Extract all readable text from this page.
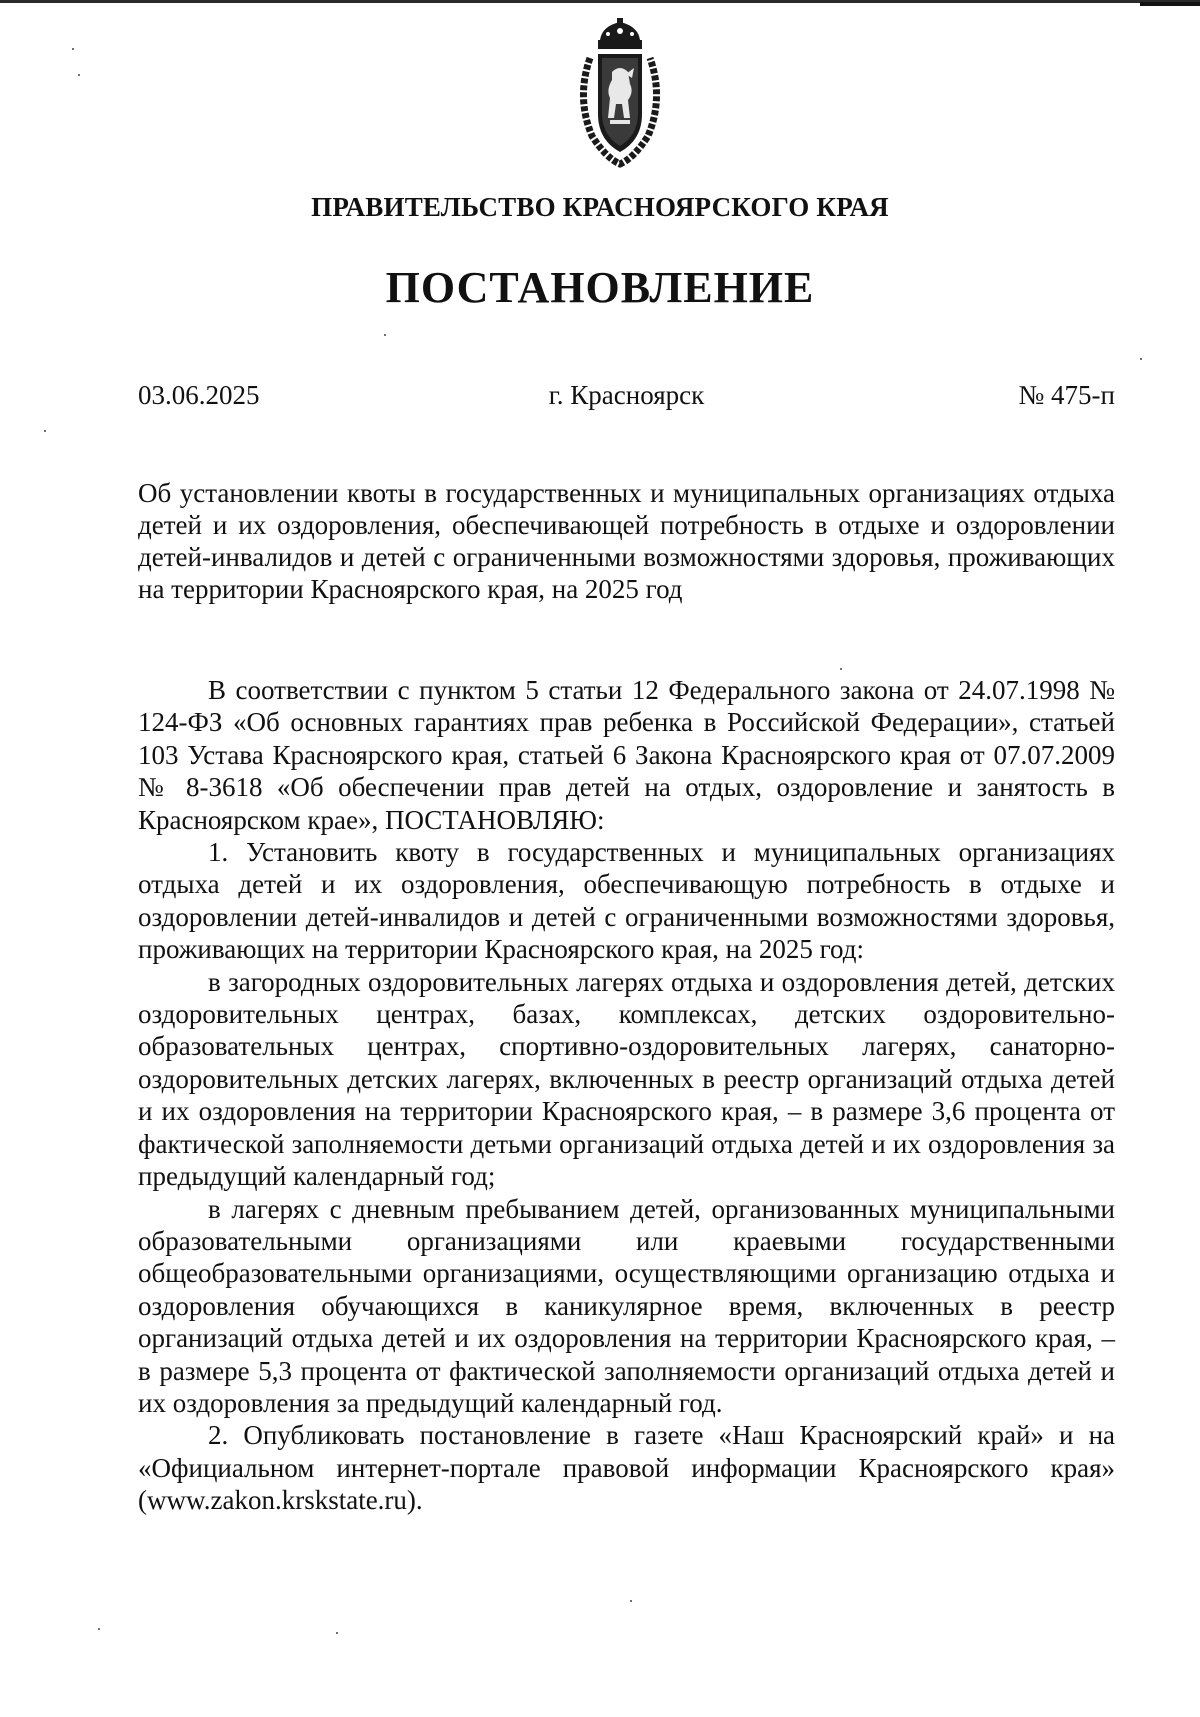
ПРАВИТЕЛЬСТВО КРАСНОЯРСКОГО КРАЯ
ПОСТАНОВЛЕНИЕ
г. Красноярск
03.06.2025	№ 475-п
Об установлении квоты в государственных и муниципальных организациях отдыха детей и их оздоровления, обеспечивающей потребность в отдыхе и оздоровлении детей-инвалидов и детей с ограниченными возможностями здоровья, проживающих на территории Красноярского края, на 2025 год

В соответствии с пунктом 5 статьи 12 Федерального закона от 24.07.1998 № 124-ФЗ «Об основных гарантиях прав ребенка в Российской Федерации», статьей 103 Устава Красноярского края, статьей 6 Закона Красноярского края от 07.07.2009 № 8-3618 «Об обеспечении прав детей на отдых, оздоровление и занятость в Красноярском крае», ПОСТАНОВЛЯЮ:

1. Установить квоту в государственных и муниципальных организациях отдыха детей и их оздоровления, обеспечивающую потребность в отдыхе и оздоровлении детей-инвалидов и детей с ограниченными возможностями здоровья, проживающих на территории Красноярского края, на 2025 год:

в загородных оздоровительных лагерях отдыха и оздоровления детей, детских оздоровительных центрах, базах, комплексах, детских оздоровительно-образовательных центрах, спортивно-оздоровительных лагерях, санаторно-оздоровительных детских лагерях, включенных в реестр организаций отдыха детей и их оздоровления на территории Красноярского края, – в размере 3,6 процента от фактической заполняемости детьми организаций отдыха детей и их оздоровления за предыдущий календарный год;

в лагерях с дневным пребыванием детей, организованных муниципальными образовательными организациями или краевыми государственными общеобразовательными организациями, осуществляющими организацию отдыха и оздоровления обучающихся в каникулярное время, включенных в реестр организаций отдыха детей и их оздоровления на территории Красноярского края, – в размере 5,3 процента от фактической заполняемости организаций отдыха детей и их оздоровления за предыдущий календарный год.

2. Опубликовать постановление в газете «Наш Красноярский край» и на «Официальном интернет-портале правовой информации Красноярского края» (www.zakon.krskstate.ru).
